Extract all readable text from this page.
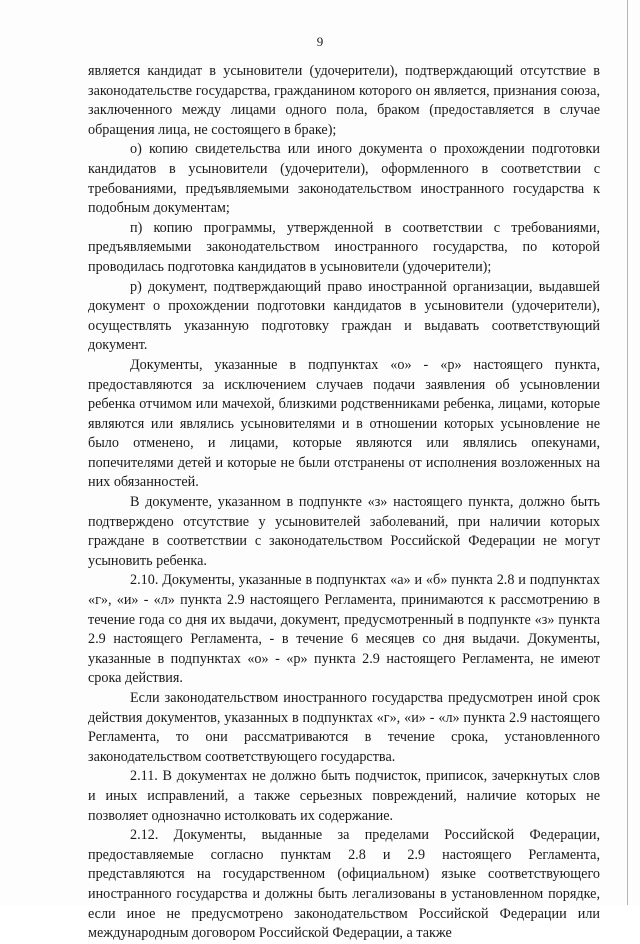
9

является кандидат в усыновители (удочерители), подтверждающий отсутствие в законодательстве государства, гражданином которого он является, признания союза, заключенного между лицами одного пола, браком (предоставляется в случае обращения лица, не состоящего в браке);

о) копию свидетельства или иного документа о прохождении подготовки кандидатов в усыновители (удочерители), оформленного в соответствии с требованиями, предъявляемыми законодательством иностранного государства к подобным документам;

п) копию программы, утвержденной в соответствии с требованиями, предъявляемыми законодательством иностранного государства, по которой проводилась подготовка кандидатов в усыновители (удочерители);

р) документ, подтверждающий право иностранной организации, выдавшей документ о прохождении подготовки кандидатов в усыновители (удочерители), осуществлять указанную подготовку граждан и выдавать соответствующий документ.

Документы, указанные в подпунктах «о» - «р» настоящего пункта, предоставляются за исключением случаев подачи заявления об усыновлении ребенка отчимом или мачехой, близкими родственниками ребенка, лицами, которые являются или являлись усыновителями и в отношении которых усыновление не было отменено, и лицами, которые являются или являлись опекунами, попечителями детей и которые не были отстранены от исполнения возложенных на них обязанностей.

В документе, указанном в подпункте «з» настоящего пункта, должно быть подтверждено отсутствие у усыновителей заболеваний, при наличии которых граждане в соответствии с законодательством Российской Федерации не могут усыновить ребенка.

2.10. Документы, указанные в подпунктах «а» и «б» пункта 2.8 и подпунктах «г», «и» - «л» пункта 2.9 настоящего Регламента, принимаются к рассмотрению в течение года со дня их выдачи, документ, предусмотренный в подпункте «з» пункта 2.9 настоящего Регламента, - в течение 6 месяцев со дня выдачи. Документы, указанные в подпунктах «о» - «р» пункта 2.9 настоящего Регламента, не имеют срока действия.

Если законодательством иностранного государства предусмотрен иной срок действия документов, указанных в подпунктах «г», «и» - «л» пункта 2.9 настоящего Регламента, то они рассматриваются в течение срока, установленного законодательством соответствующего государства.

2.11. В документах не должно быть подчисток, приписок, зачеркнутых слов и иных исправлений, а также серьезных повреждений, наличие которых не позволяет однозначно истолковать их содержание.

2.12. Документы, выданные за пределами Российской Федерации, предоставляемые согласно пунктам 2.8 и 2.9 настоящего Регламента, представляются на государственном (официальном) языке соответствующего иностранного государства и должны быть легализованы в установленном порядке, если иное не предусмотрено законодательством Российской Федерации или международным договором Российской Федерации, а также
